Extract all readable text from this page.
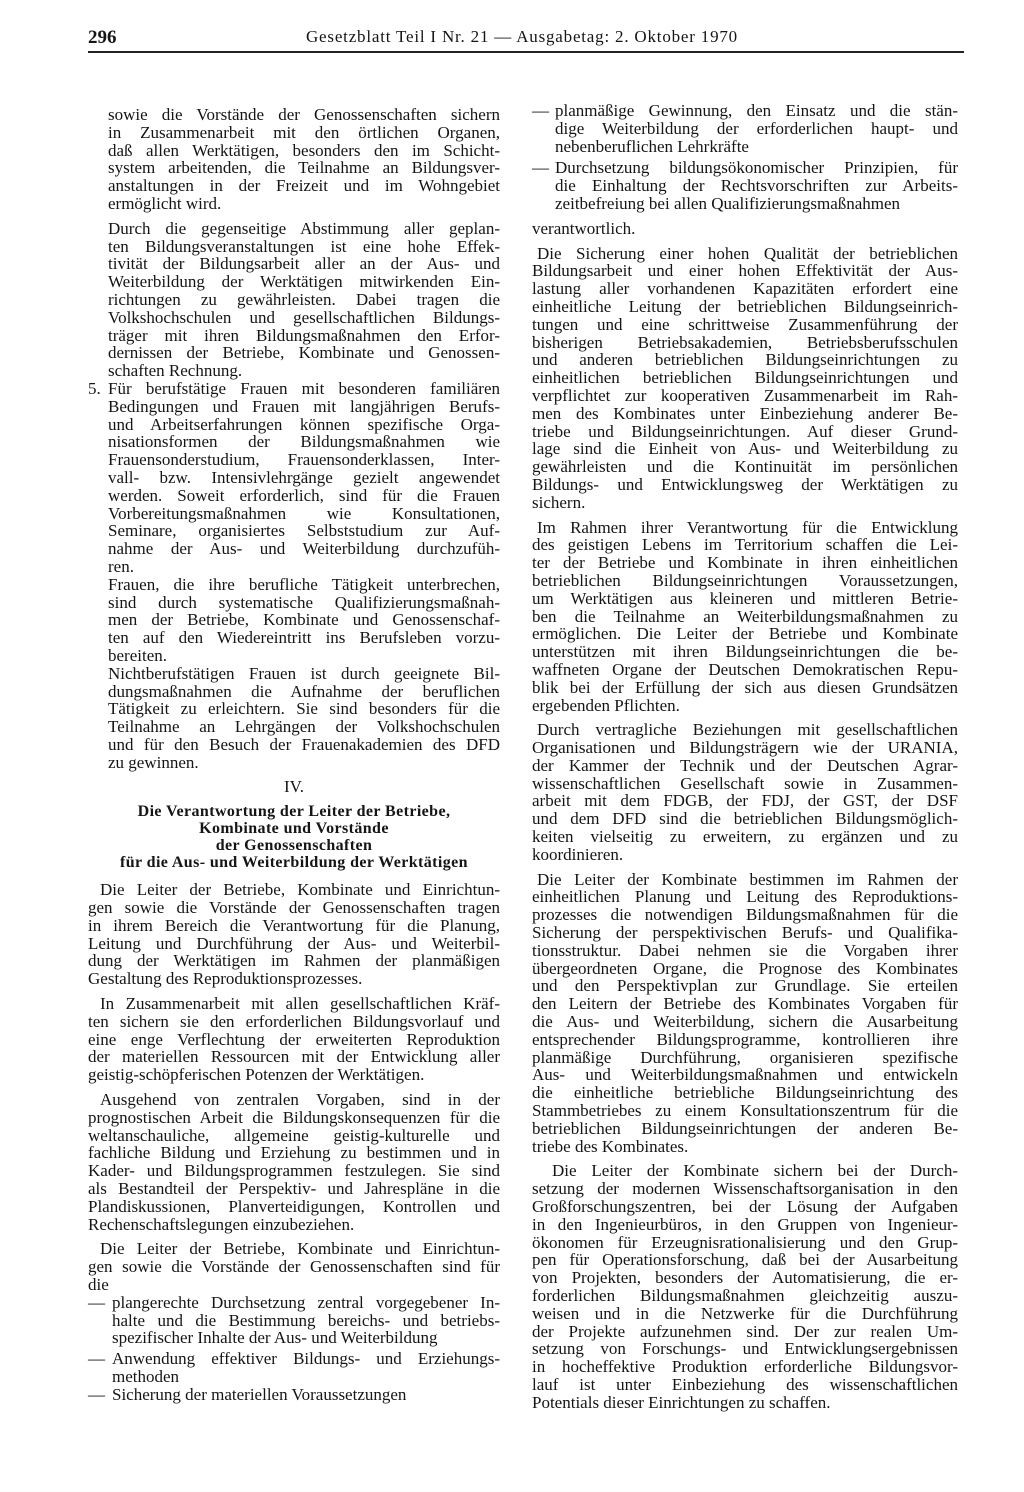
296	Gesetzblatt Teil I Nr. 21 — Ausgabetag: 2. Oktober 1970
sowie die Vorstände der Genossenschaften sichern
in Zusammenarbeit mit den örtlichen Organen,
daß allen Werktätigen, besonders den im Schicht-
system arbeitenden, die Teilnahme an Bildungsver-
anstaltungen in der Freizeit und im Wohngebiet
ermöglicht wird.
Durch die gegenseitige Abstimmung aller geplan-
ten Bildungsveranstaltungen ist eine hohe Effek-
tivität der Bildungsarbeit aller an der Aus- und
Weiterbildung der Werktätigen mitwirkenden Ein-
richtungen zu gewährleisten. Dabei tragen die
Volkshochschulen und gesellschaftlichen Bildungs-
träger mit ihren Bildungsmaßnahmen den Erfor-
dernissen der Betriebe, Kombinate und Genossen-
schaften Rechnung.
5. Für berufstätige Frauen mit besonderen familiären
Bedingungen und Frauen mit langjährigen Berufs-
und Arbeitserfahrungen können spezifische Orga-
nisationsformen der Bildungsmaßnahmen wie
Frauensonderstudium, Frauensonderklassen, Inter-
vall- bzw. Intensivlehrgänge gezielt angewendet
werden. Soweit erforderlich, sind für die Frauen
Vorbereitungsmaßnahmen wie Konsultationen,
Seminare, organisiertes Selbststudium zur Auf-
nahme der Aus- und Weiterbildung durchzufüh-
ren.
Frauen, die ihre berufliche Tätigkeit unterbrechen,
sind durch systematische Qualifizierungsmaßnah-
men der Betriebe, Kombinate und Genossenschaf-
ten auf den Wiedereintritt ins Berufsleben vorzu-
bereiten.
Nichtberufstätigen Frauen ist durch geeignete Bil-
dungsmaßnahmen die Aufnahme der beruflichen
Tätigkeit zu erleichtern. Sie sind besonders für die
Teilnahme an Lehrgängen der Volkshochschulen
und für den Besuch der Frauenakademien des DFD
zu gewinnen.
IV.
Die Verantwortung der Leiter der Betriebe,
Kombinate und Vorstände
der Genossenschaften
für die Aus- und Weiterbildung der Werktätigen
Die Leiter der Betriebe, Kombinate und Einrichtun-
gen sowie die Vorstände der Genossenschaften tragen
in ihrem Bereich die Verantwortung für die Planung,
Leitung und Durchführung der Aus- und Weiterbil-
dung der Werktätigen im Rahmen der planmäßigen
Gestaltung des Reproduktionsprozesses.
In Zusammenarbeit mit allen gesellschaftlichen Kräf-
ten sichern sie den erforderlichen Bildungsvorlauf und
eine enge Verflechtung der erweiterten Reproduktion
der materiellen Ressourcen mit der Entwicklung aller
geistig-schöpferischen Potenzen der Werktätigen.
Ausgehend von zentralen Vorgaben, sind in der
prognostischen Arbeit die Bildungskonsequenzen für die
weltanschauliche, allgemeine geistig-kulturelle und
fachliche Bildung und Erziehung zu bestimmen und in
Kader- und Bildungsprogrammen festzulegen. Sie sind
als Bestandteil der Perspektiv- und Jahrespläne in die
Plandiskussionen, Planverteidigungen, Kontrollen und
Rechenschaftslegungen einzubeziehen.
Die Leiter der Betriebe, Kombinate und Einrichtun-
gen sowie die Vorstände der Genossenschaften sind für
die
— plangerechte Durchsetzung zentral vorgegebener In-
halte und die Bestimmung bereichs- und betriebs-
spezifischer Inhalte der Aus- und Weiterbildung
— Anwendung effektiver Bildungs- und Erziehungs-
methoden
— Sicherung der materiellen Voraussetzungen
— planmäßige Gewinnung, den Einsatz und die stän-
dige Weiterbildung der erforderlichen haupt- und
nebenberuflichen Lehrkräfte
— Durchsetzung bildungsökonomischer Prinzipien, für
die Einhaltung der Rechtsvorschriften zur Arbeits-
zeitbefreiung bei allen Qualifizierungsmaßnahmen
verantwortlich.
Die Sicherung einer hohen Qualität der betrieblichen
Bildungsarbeit und einer hohen Effektivität der Aus-
lastung aller vorhandenen Kapazitäten erfordert eine
einheitliche Leitung der betrieblichen Bildungseinrich-
tungen und eine schrittweise Zusammenführung der
bisherigen Betriebsakademien, Betriebsberufsschulen
und anderen betrieblichen Bildungseinrichtungen zu
einheitlichen betrieblichen Bildungseinrichtungen und
verpflichtet zur kooperativen Zusammenarbeit im Rah-
men des Kombinates unter Einbeziehung anderer Be-
triebe und Bildungseinrichtungen. Auf dieser Grund-
lage sind die Einheit von Aus- und Weiterbildung zu
gewährleisten und die Kontinuität im persönlichen
Bildungs- und Entwicklungsweg der Werktätigen zu
sichern.
Im Rahmen ihrer Verantwortung für die Entwicklung
des geistigen Lebens im Territorium schaffen die Lei-
ter der Betriebe und Kombinate in ihren einheitlichen
betrieblichen Bildungseinrichtungen Voraussetzungen,
um Werktätigen aus kleineren und mittleren Betrie-
ben die Teilnahme an Weiterbildungsmaßnahmen zu
ermöglichen. Die Leiter der Betriebe und Kombinate
unterstützen mit ihren Bildungseinrichtungen die be-
waffneten Organe der Deutschen Demokratischen Repu-
blik bei der Erfüllung der sich aus diesen Grundsätzen
ergebenden Pflichten.
Durch vertragliche Beziehungen mit gesellschaftlichen
Organisationen und Bildungsträgern wie der URANIA,
der Kammer der Technik und der Deutschen Agrar-
wissenschaftlichen Gesellschaft sowie in Zusammen-
arbeit mit dem FDGB, der FDJ, der GST, der DSF
und dem DFD sind die betrieblichen Bildungsmöglich-
keiten vielseitig zu erweitern, zu ergänzen und zu
koordinieren.
Die Leiter der Kombinate bestimmen im Rahmen der
einheitlichen Planung und Leitung des Reproduktions-
prozesses die notwendigen Bildungsmaßnahmen für die
Sicherung der perspektivischen Berufs- und Qualifika-
tionsstruktur. Dabei nehmen sie die Vorgaben ihrer
übergeordneten Organe, die Prognose des Kombinates
und den Perspektivplan zur Grundlage. Sie erteilen
den Leitern der Betriebe des Kombinates Vorgaben für
die Aus- und Weiterbildung, sichern die Ausarbeitung
entsprechender Bildungsprogramme, kontrollieren ihre
planmäßige Durchführung, organisieren spezifische
Aus- und Weiterbildungsmaßnahmen und entwickeln
die einheitliche betriebliche Bildungseinrichtung des
Stammbetriebes zu einem Konsultationszentrum für die
betrieblichen Bildungseinrichtungen der anderen Be-
triebe des Kombinates.
Die Leiter der Kombinate sichern bei der Durch-
setzung der modernen Wissenschaftsorganisation in den
Großforschungszentren, bei der Lösung der Aufgaben
in den Ingenieurbüros, in den Gruppen von Ingenieur-
ökonomen für Erzeugnisrationalisierung und den Grup-
pen für Operationsforschung, daß bei der Ausarbeitung
von Projekten, besonders der Automatisierung, die er-
forderlichen Bildungsmaßnahmen gleichzeitig auszu-
weisen und in die Netzwerke für die Durchführung
der Projekte aufzunehmen sind. Der zur realen Um-
setzung von Forschungs- und Entwicklungsergebnissen
in hocheffektive Produktion erforderliche Bildungsvor-
lauf ist unter Einbeziehung des wissenschaftlichen
Potentials dieser Einrichtungen zu schaffen.
